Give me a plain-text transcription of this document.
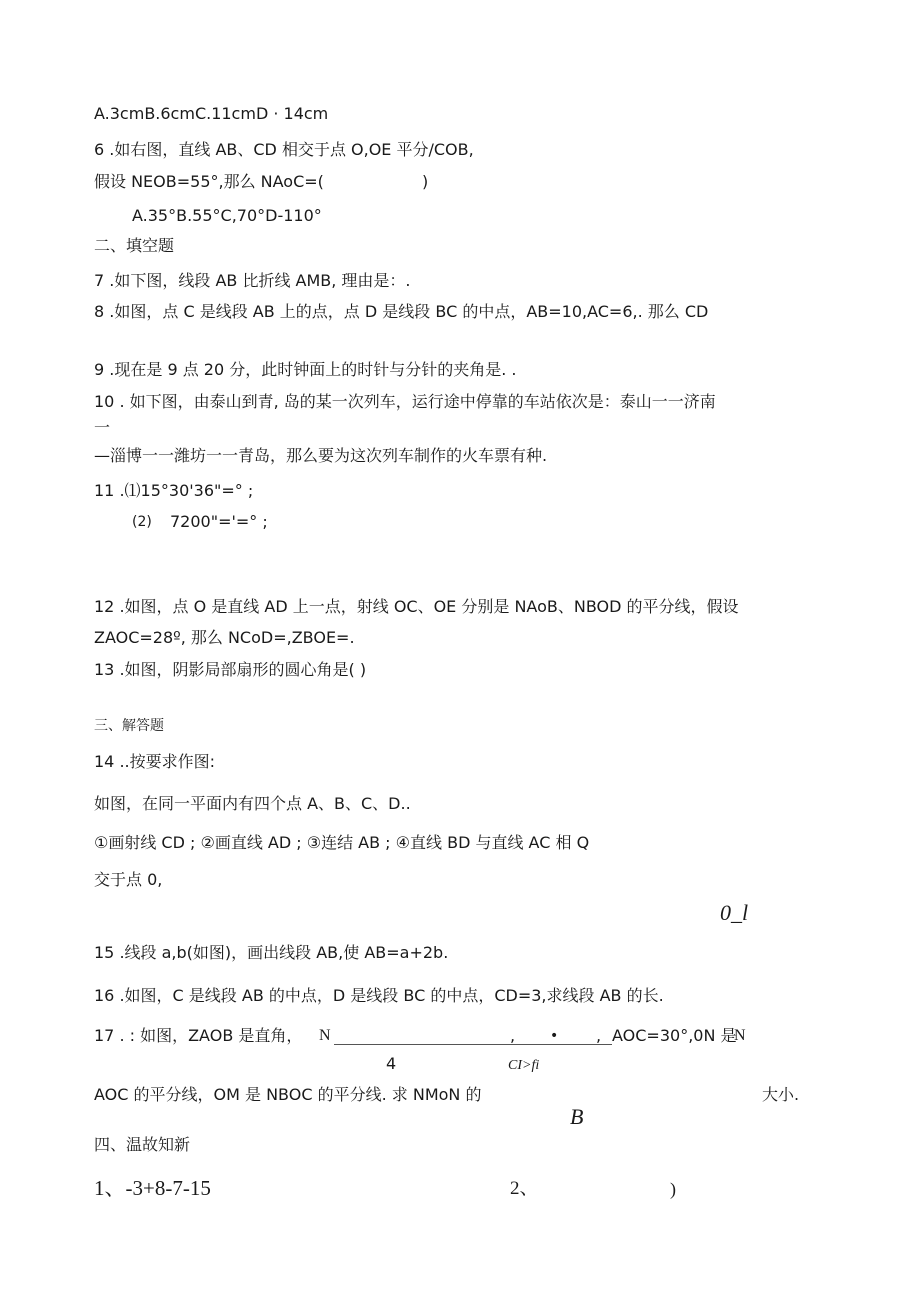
A.3cmB.6cmC.11cmD · 14cm
6 .如右图，直线 AB、CD 相交于点 O,OE 平分/COB,
假设 NEOB=55°,那么 NAoC=(	)
A.35°B.55°C,70°D-110°
二、填空题
7 .如下图，线段 AB 比折线 AMB, 理由是：.
8 .如图，点 C 是线段 AB 上的点，点 D 是线段 BC 的中点，AB=10,AC=6,. 那么 CD
9 .现在是 9 点 20 分，此时钟面上的时针与分针的夹角是. .
10 . 如下图，由泰山到青, 岛的某一次列车，运行途中停靠的车站依次是：泰山一一济南
一
—淄博一一潍坊一一青岛，那么要为这次列车制作的火车票有种.
11 .⑴15°30'36"=° ;
(2) 7200"='=° ;
12 .如图，点 O 是直线 AD 上一点，射线 OC、OE 分别是 NAoB、NBOD 的平分线，假设
ZAOC=28º, 那么 NCoD=,ZBOE=.
13 .如图，阴影局部扇形的圆心角是( )
三、解答题
14 ..按要求作图:
如图，在同一平面内有四个点 A、B、C、D..
①画射线 CD ; ②画直线 AD ; ③连结 AB ; ④直线 BD 与直线 AC 相 Q
交于点 0,
0_l
15 .线段 a,b(如图)，画出线段 AB,使 AB=a+2b.
16 .如图，C 是线段 AB 的中点，D 是线段 BC 的中点，CD=3,求线段 AB 的长.
17 . : 如图，ZAOB 是直角， N	, • , AOC=30°,0N 是
N
4	CI>fi
AOC 的平分线，OM 是 NBOC 的平分线. 求 NMoN 的	大小.
B
四、温故知新
1、-3+8-7-15	2、	)
